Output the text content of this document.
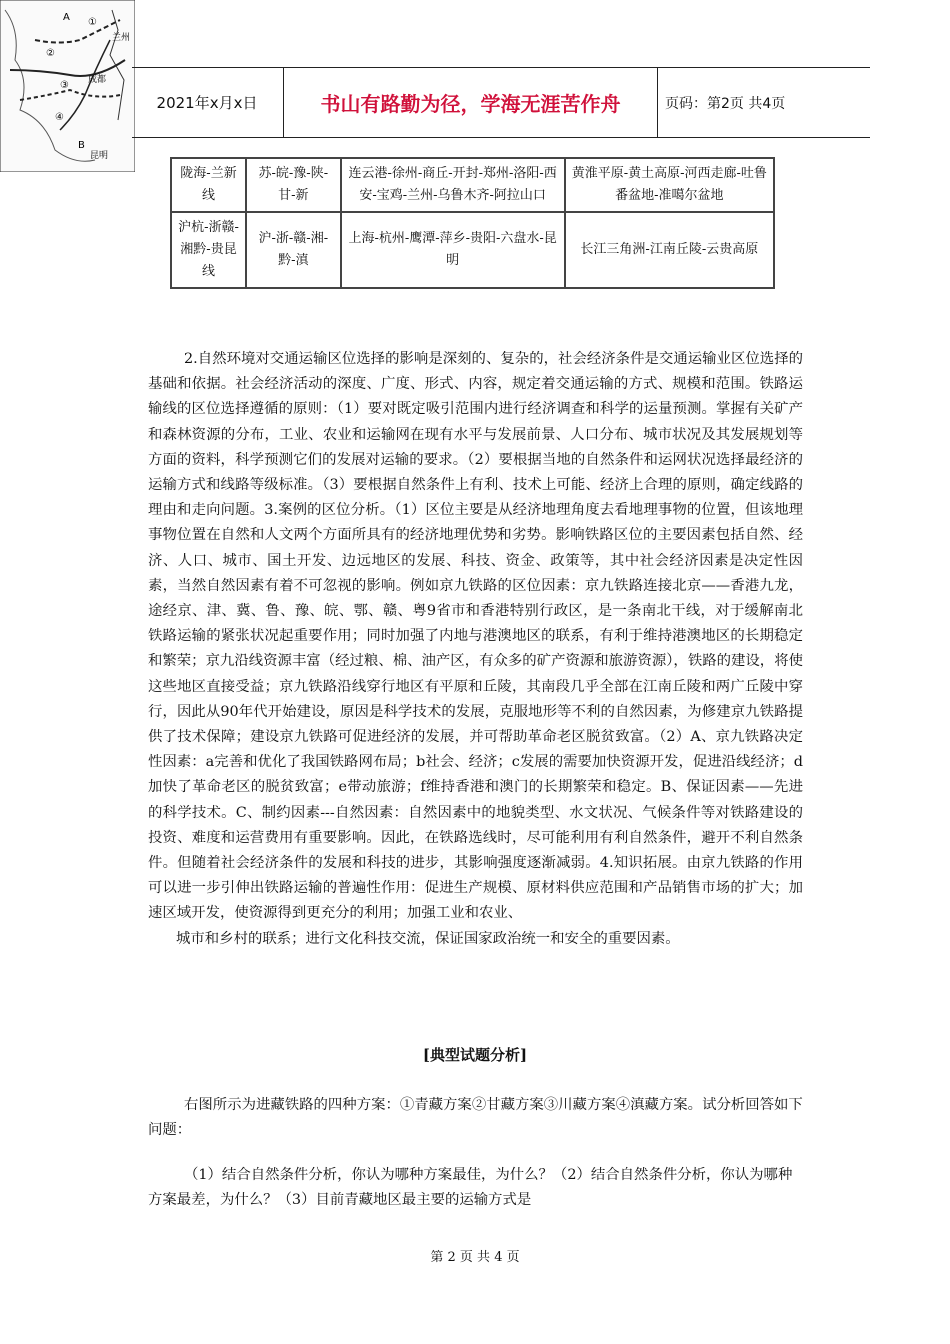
A
成都
B
昆明
兰州
①
②
③
④
2021年x月x日	书山有路勤为径，学海无涯苦作舟	页码：第2页 共4页
陇海-兰新线	苏-皖-豫-陕-甘-新	连云港-徐州-商丘-开封-郑州-洛阳-西安-宝鸡-兰州-乌鲁木齐-阿拉山口	黄淮平原-黄土高原-河西走廊-吐鲁番盆地-准噶尔盆地
沪杭-浙赣-湘黔-贵昆线	沪-浙-赣-湘-黔-滇	上海-杭州-鹰潭-萍乡-贵阳-六盘水-昆明	长江三角洲-江南丘陵-云贵高原

2.自然环境对交通运输区位选择的影响是深刻的、复杂的，社会经济条件是交通运输业区位选择的基础和依据。社会经济活动的深度、广度、形式、内容，规定着交通运输的方式、规模和范围。铁路运输线的区位选择遵循的原则：（1）要对既定吸引范围内进行经济调查和科学的运量预测。掌握有关矿产和森林资源的分布，工业、农业和运输网在现有水平与发展前景、人口分布、城市状况及其发展规划等方面的资料，科学预测它们的发展对运输的要求。（2）要根据当地的自然条件和运网状况选择最经济的运输方式和线路等级标准。（3）要根据自然条件上有利、技术上可能、经济上合理的原则，确定线路的理由和走向问题。3.案例的区位分析。（1）区位主要是从经济地理角度去看地理事物的位置，但该地理事物位置在自然和人文两个方面所具有的经济地理优势和劣势。影响铁路区位的主要因素包括自然、经济、人口、城市、国土开发、边远地区的发展、科技、资金、政策等，其中社会经济因素是决定性因素，当然自然因素有着不可忽视的影响。例如京九铁路的区位因素：京九铁路连接北京——香港九龙，途经京、津、冀、鲁、豫、皖、鄂、赣、粤9省市和香港特别行政区，是一条南北干线，对于缓解南北铁路运输的紧张状况起重要作用；同时加强了内地与港澳地区的联系，有利于维持港澳地区的长期稳定和繁荣；京九沿线资源丰富（经过粮、棉、油产区，有众多的矿产资源和旅游资源），铁路的建设，将使这些地区直接受益；京九铁路沿线穿行地区有平原和丘陵，其南段几乎全部在江南丘陵和两广丘陵中穿行，因此从90年代开始建设，原因是科学技术的发展，克服地形等不利的自然因素，为修建京九铁路提供了技术保障；建设京九铁路可促进经济的发展，并可帮助革命老区脱贫致富。（2）A、京九铁路决定性因素：a完善和优化了我国铁路网布局；b社会、经济；c发展的需要加快资源开发，促进沿线经济；d加快了革命老区的脱贫致富；e带动旅游；f维持香港和澳门的长期繁荣和稳定。B、保证因素——先进的科学技术。C、制约因素---自然因素：自然因素中的地貌类型、水文状况、气候条件等对铁路建设的投资、难度和运营费用有重要影响。因此，在铁路选线时，尽可能利用有利自然条件，避开不利自然条件。但随着社会经济条件的发展和科技的进步，其影响强度逐渐减弱。4.知识拓展。由京九铁路的作用可以进一步引伸出铁路运输的普遍性作用：促进生产规模、原材料供应范围和产品销售市场的扩大；加速区域开发，使资源得到更充分的利用；加强工业和农业、

城市和乡村的联系；进行文化科技交流，保证国家政治统一和安全的重要因素。

[典型试题分析]

右图所示为进藏铁路的四种方案：①青藏方案②甘藏方案③川藏方案④滇藏方案。试分析回答如下问题：

（1）结合自然条件分析，你认为哪种方案最佳，为什么？（2）结合自然条件分析，你认为哪种方案最差，为什么？（3）目前青藏地区最主要的运输方式是

第 2 页 共 4 页
